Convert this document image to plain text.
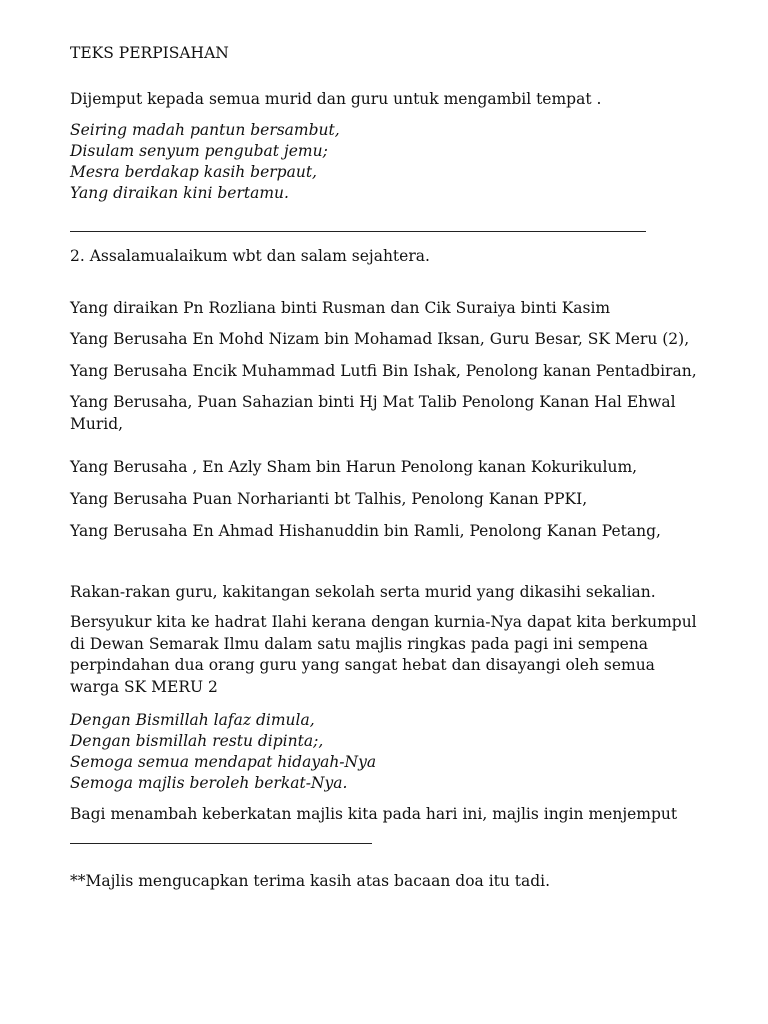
TEKS PERPISAHAN
Dijemput kepada semua murid dan guru untuk mengambil tempat .
Seiring madah pantun bersambut,
Disulam senyum pengubat jemu;
Mesra berdakap kasih berpaut,
Yang diraikan kini bertamu.
2. Assalamualaikum wbt dan salam sejahtera.
Yang diraikan Pn Rozliana binti Rusman dan Cik Suraiya binti Kasim
Yang Berusaha En Mohd Nizam bin Mohamad Iksan, Guru Besar, SK Meru (2),
Yang Berusaha Encik Muhammad Lutfi Bin Ishak, Penolong kanan Pentadbiran,
Yang Berusaha, Puan Sahazian binti Hj Mat Talib Penolong Kanan Hal Ehwal Murid,
Yang Berusaha , En Azly Sham bin Harun Penolong kanan Kokurikulum,
Yang Berusaha Puan Norharianti bt Talhis, Penolong Kanan PPKI,
Yang Berusaha En Ahmad Hishanuddin bin Ramli, Penolong Kanan Petang,
Rakan-rakan guru, kakitangan sekolah serta murid yang dikasihi sekalian.
Bersyukur kita ke hadrat Ilahi kerana dengan kurnia-Nya dapat kita berkumpul di Dewan Semarak Ilmu dalam satu majlis ringkas pada pagi ini sempena perpindahan dua orang guru yang sangat hebat dan disayangi oleh semua warga SK MERU 2
Dengan Bismillah lafaz dimula,
Dengan bismillah restu dipinta;,
Semoga semua mendapat hidayah-Nya
Semoga majlis beroleh berkat-Nya.
Bagi menambah keberkatan majlis kita pada hari ini, majlis ingin menjemput
**Majlis mengucapkan terima kasih atas bacaan doa itu tadi.
